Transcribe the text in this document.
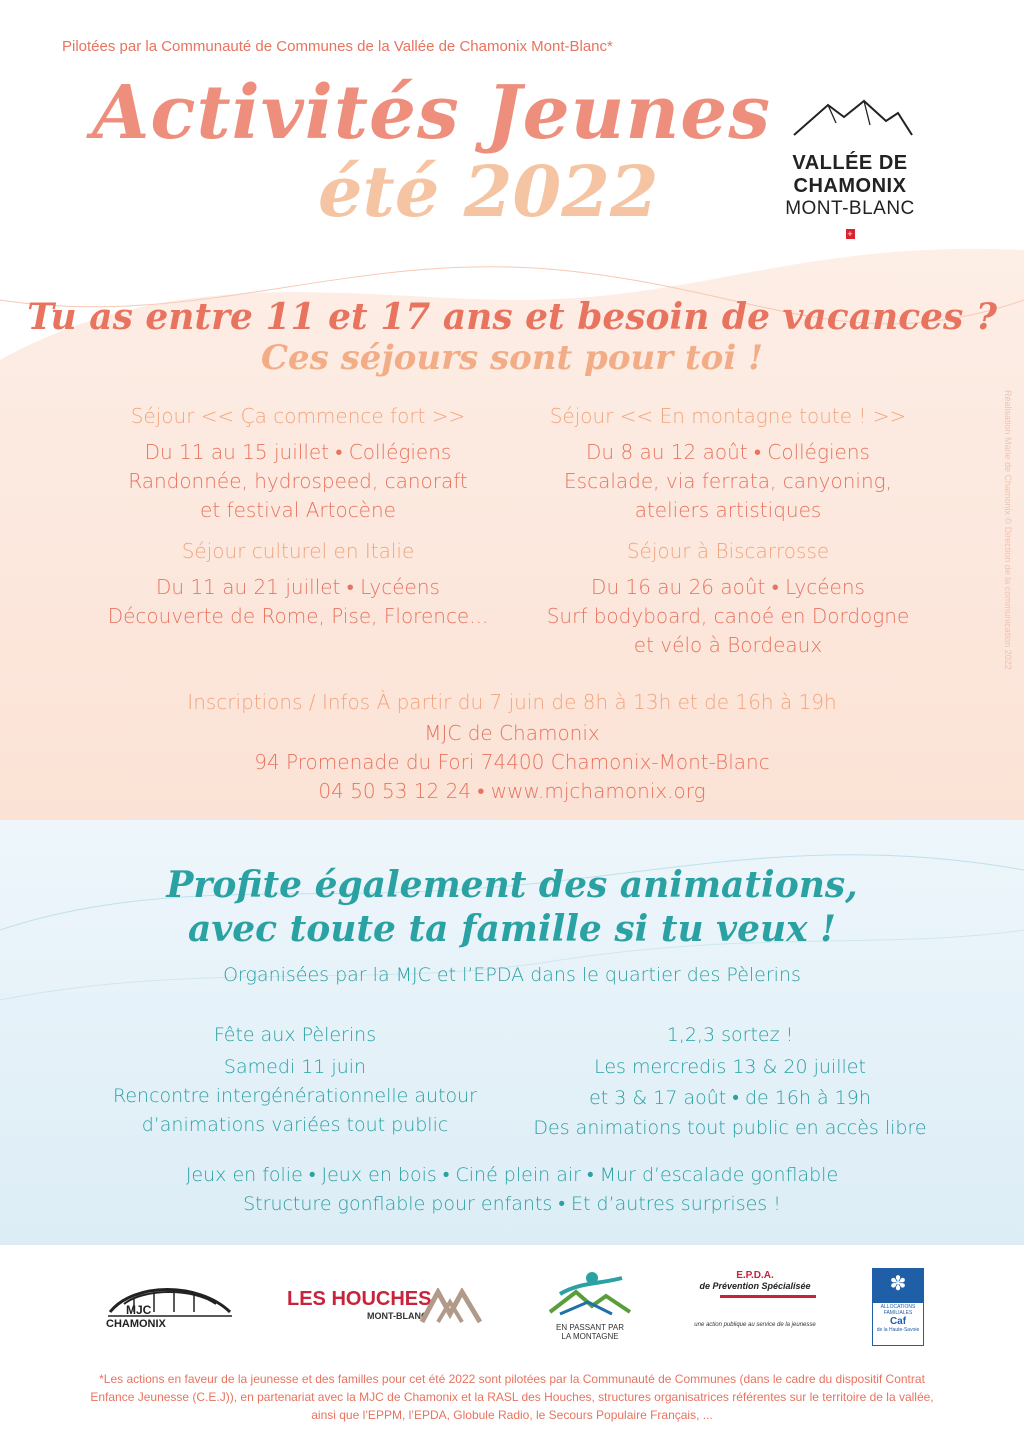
Pilotées par la Communauté de Communes de la Vallée de Chamonix Mont-Blanc*
Activités Jeunes
été 2022	VALLÉE DE CHAMONIX
MONT-BLANC
+
Tu as entre 11 et 17 ans et besoin de vacances ?
Ces séjours sont pour toi !
Séjour << Ça commence fort >>
Du 11 au 15 juillet • Collégiens
Randonnée, hydrospeed, canoraft
et festival Artocène
Séjour << En montagne toute ! >>
Du 8 au 12 août • Collégiens
Escalade, via ferrata, canyoning,
ateliers artistiques
Séjour culturel en Italie
Du 11 au 21 juillet • Lycéens
Découverte de Rome, Pise, Florence...
Séjour à Biscarrosse
Du 16 au 26 août • Lycéens
Surf bodyboard, canoé en Dordogne
et vélo à Bordeaux
Inscriptions / Infos À partir du 7 juin de 8h à 13h et de 16h à 19h
MJC de Chamonix
94 Promenade du Fori 74400 Chamonix-Mont-Blanc
04 50 53 12 24 • www.mjchamonix.org
Réalisation Marie de Chamonix © Direction de la communication 2022
Profite également des animations,
avec toute ta famille si tu veux !
Organisées par la MJC et l’EPDA dans le quartier des Pèlerins
Fête aux Pèlerins
Samedi 11 juin
Rencontre intergénérationnelle autour
d’animations variées tout public
1,2,3 sortez !
Les mercredis 13 & 20 juillet
et 3 & 17 août • de 16h à 19h
Des animations tout public en accès libre
Jeux en folie • Jeux en bois • Ciné plein air • Mur d’escalade gonflable
Structure gonflable pour enfants • Et d’autres surprises !
MJC
CHAMONIX
LES HOUCHES
MONT-BLANC
EN PASSANT PAR
LA MONTAGNE
E.P.D.A.
de Prévention Spécialisée
une action publique au service de la jeunesse
✽
ALLOCATIONS FAMILIALES
Caf
de la Haute-Savoie
*Les actions en faveur de la jeunesse et des familles pour cet été 2022 sont pilotées par la Communauté de Communes (dans le cadre du dispositif Contrat
Enfance Jeunesse (C.E.J)), en partenariat avec la MJC de Chamonix et la RASL des Houches, structures organisatrices référentes sur le territoire de la vallée,
ainsi que l’EPPM, l’EPDA, Globule Radio, le Secours Populaire Français, ...
